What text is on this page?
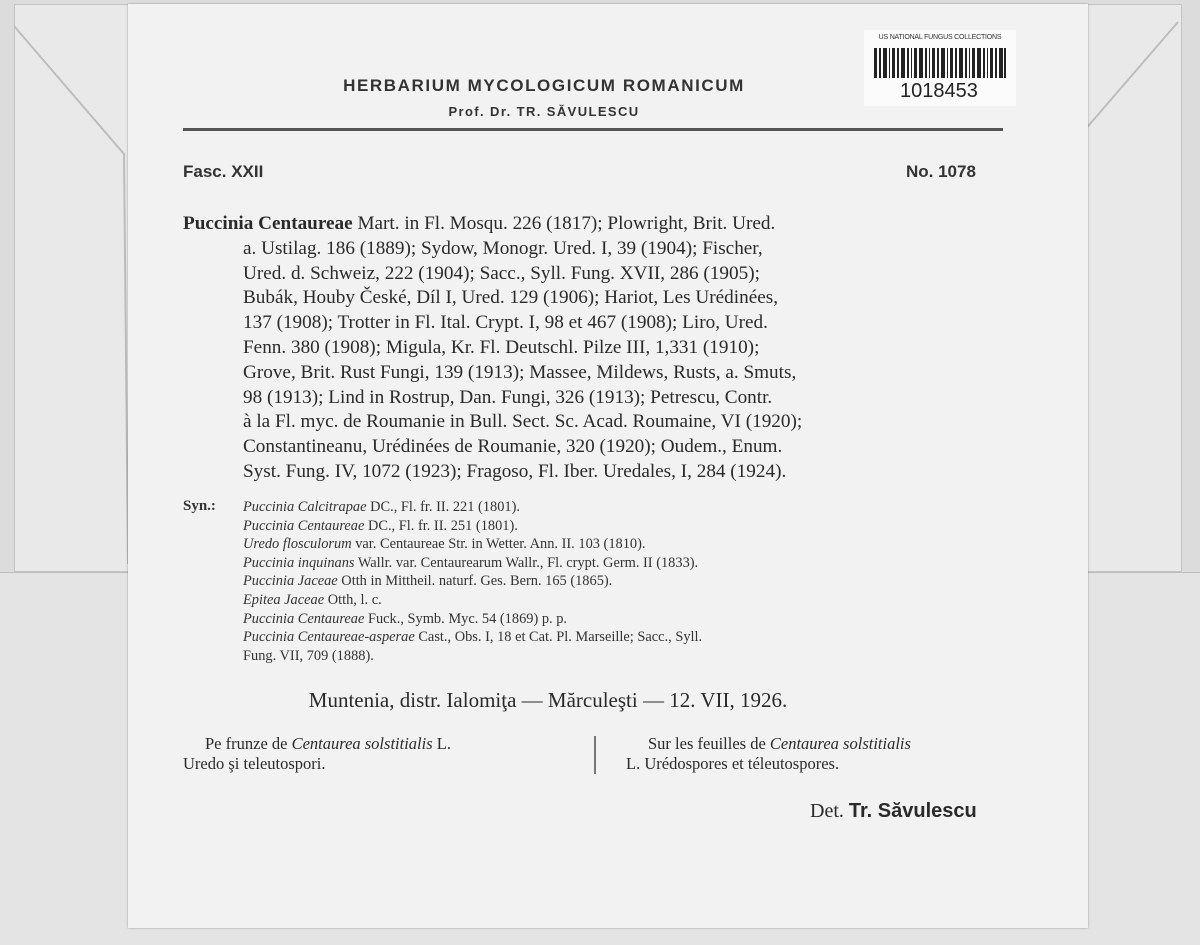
US NATIONAL FUNGUS COLLECTIONS
1018453
HERBARIUM MYCOLOGICUM ROMANICUM
Prof. Dr. TR. SĂVULESCU
Fasc. XXII	No. 1078

Puccinia Centaureae Mart. in Fl. Mosqu. 226 (1817); Plowright, Brit. Ured.

a. Ustilag. 186 (1889); Sydow, Monogr. Ured. I, 39 (1904); Fischer,

Ured. d. Schweiz, 222 (1904); Sacc., Syll. Fung. XVII, 286 (1905);

Bubák, Houby České, Díl I, Ured. 129 (1906); Hariot, Les Urédinées,

137 (1908); Trotter in Fl. Ital. Crypt. I, 98 et 467 (1908); Liro, Ured.

Fenn. 380 (1908); Migula, Kr. Fl. Deutschl. Pilze III, 1,331 (1910);

Grove, Brit. Rust Fungi, 139 (1913); Massee, Mildews, Rusts, a. Smuts,

98 (1913); Lind in Rostrup, Dan. Fungi, 326 (1913); Petrescu, Contr.

à la Fl. myc. de Roumanie in Bull. Sect. Sc. Acad. Roumaine, VI (1920);

Constantineanu, Urédinées de Roumanie, 320 (1920); Oudem., Enum.

Syst. Fung. IV, 1072 (1923); Fragoso, Fl. Iber. Uredales, I, 284 (1924).

Syn.: Puccinia Calcitrapae DC., Fl. fr. II. 221 (1801).

Puccinia Centaureae DC., Fl. fr. II. 251 (1801).

Uredo flosculorum var. Centaureae Str. in Wetter. Ann. II. 103 (1810).

Puccinia inquinans Wallr. var. Centaurearum Wallr., Fl. crypt. Germ. II (1833).

Puccinia Jaceae Otth in Mittheil. naturf. Ges. Bern. 165 (1865).

Epitea Jaceae Otth, l. c.

Puccinia Centaureae Fuck., Symb. Myc. 54 (1869) p. p.

Puccinia Centaureae-asperae Cast., Obs. I, 18 et Cat. Pl. Marseille; Sacc., Syll.

Fung. VII, 709 (1888).

Muntenia, distr. Ialomiţa — Mărculeşti — 12. VII, 1926.

Pe frunze de Centaurea solstitialis L.

Uredo şi teleutospori.

Sur les feuilles de Centaurea solstitialis

L. Urédospores et téleutospores.

Det. Tr. Săvulescu
